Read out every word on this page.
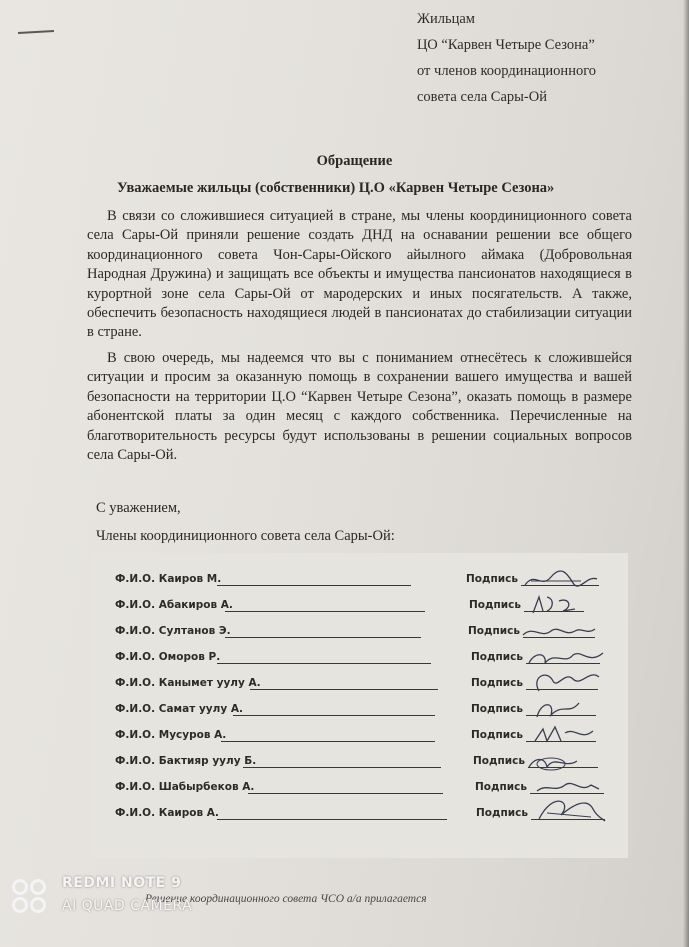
Жильцам
ЦО “Карвен Четыре Сезона”
от членов координационного
совета села Сары-Ой
Обращение
Уважаемые жильцы (собственники) Ц.О «Карвен Четыре Сезона»
В связи со сложившиеся ситуацией в стране, мы члены координиционного совета села Сары-Ой приняли решение создать ДНД на оснавании решении все общего координационного совета Чон-Сары-Ойского айылного аймака (Добровольная Народная Дружина) и защищать все объекты и имущества пансионатов находящиеся в курортной зоне села Сары-Ой от мародерских и иных посягательств. А также, обеспечить безопасность находящиеся людей в пансионатах до стабилизации ситуации в стране.
В свою очередь, мы надеемся что вы с пониманием отнесётесь к сложившейся ситуации и просим за оказанную помощь в сохранении вашего имущества и вашей безопасности на территории Ц.О “Карвен Четыре Сезона”, оказать помощь в размере абонентской платы за один месяц с каждого собственника. Перечисленные на благотворительность ресурсы будут использованы в решении социальных вопросов села Сары-Ой.
С уважением,
Члены координиционного совета села Сары-Ой:
Ф.И.О. Каиров М.	Подпись
Ф.И.О. Абакиров А.	Подпись
Ф.И.О. Султанов Э.	Подпись
Ф.И.О. Оморов Р.	Подпись
Ф.И.О. Канымет уулу А.	Подпись
Ф.И.О. Самат уулу А.	Подпись
Ф.И.О. Мусуров А.	Подпись
Ф.И.О. Бактияр уулу Б.	Подпись
Ф.И.О. Шабырбеков А.	Подпись
Ф.И.О. Каиров А.	Подпись
Решение координационного совета ЧСО а/а прилагается
REDMI NOTE 9
AI QUAD CAMERA
